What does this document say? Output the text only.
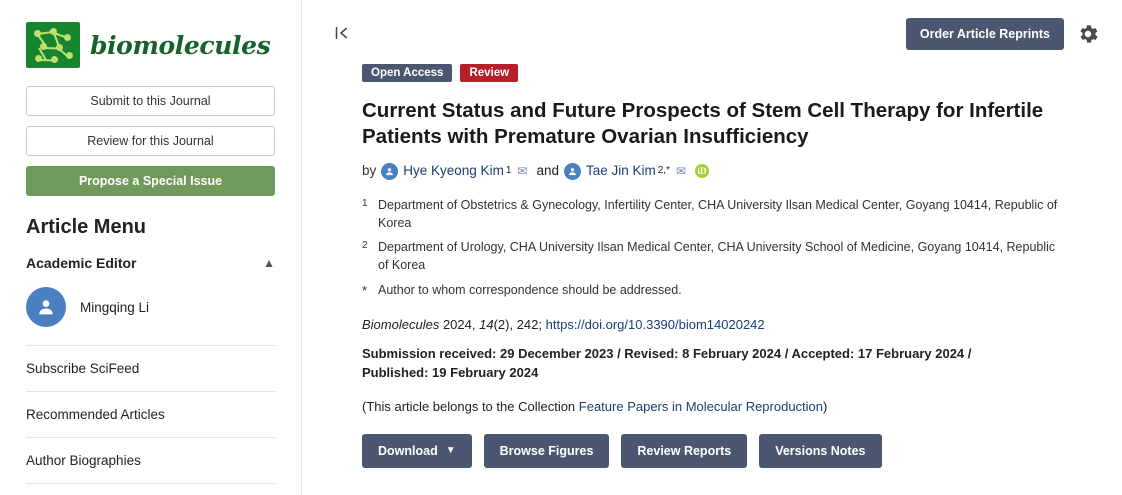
biomolecules
Submit to this Journal
Review for this Journal
Propose a Special Issue
Article Menu
Academic Editor	▲
Mingqing Li
Subscribe SciFeed
Recommended Articles
Author Biographies
Order Article Reprints
Open Access	Review
Current Status and Future Prospects of Stem Cell Therapy for Infertile Patients with Premature Ovarian Insufficiency
by Hye Kyeong Kim 1 ✉ and Tae Jin Kim 2,* ✉ iD
1 Department of Obstetrics & Gynecology, Infertility Center, CHA University Ilsan Medical Center, Goyang 10414, Republic of Korea
2 Department of Urology, CHA University Ilsan Medical Center, CHA University School of Medicine, Goyang 10414, Republic of Korea
* Author to whom correspondence should be addressed.
Biomolecules 2024, 14(2), 242; https://doi.org/10.3390/biom14020242
Submission received: 29 December 2023 / Revised: 8 February 2024 / Accepted: 17 February 2024 / Published: 19 February 2024
(This article belongs to the Collection Feature Papers in Molecular Reproduction)
Download ▼	Browse Figures	Review Reports	Versions Notes
